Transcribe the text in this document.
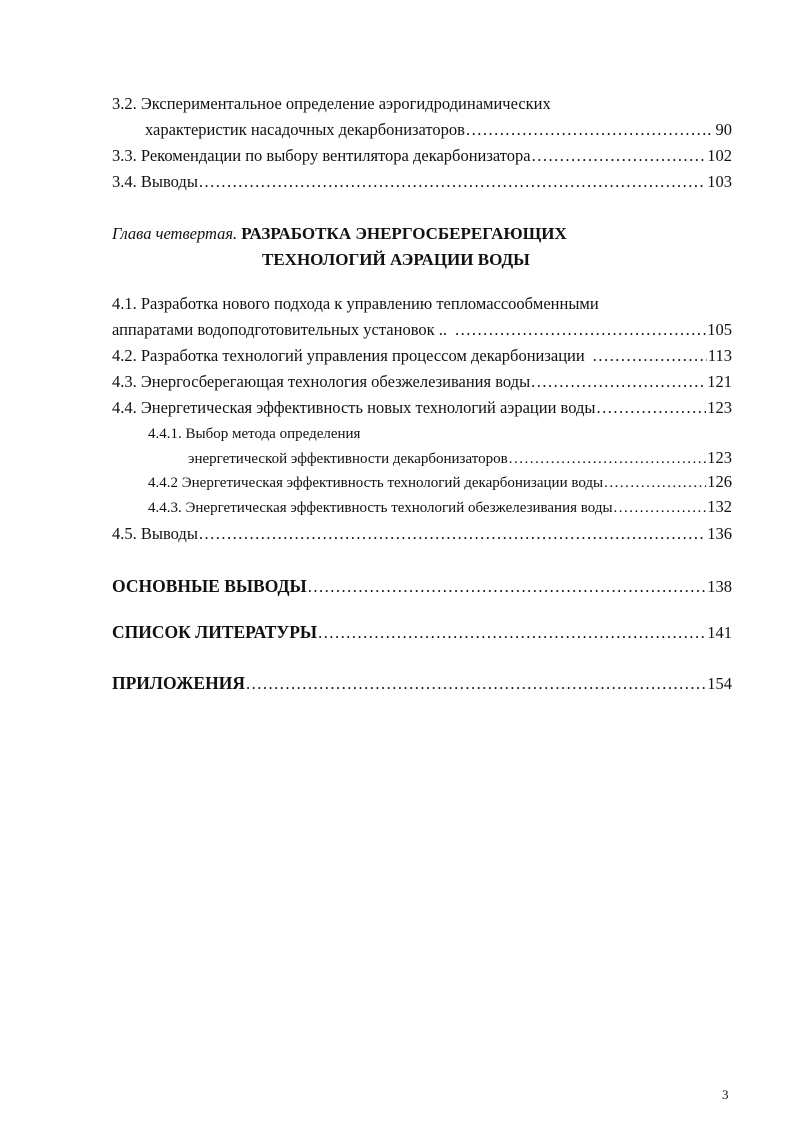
3.2. Экспериментальное определение аэрогидродинамических
характеристик насадочных декарбонизаторов .....	. 90
3.3. Рекомендации по выбору вентилятора декарбонизатора .....	102
3.4. Выводы .....	103
Глава четвертая. РАЗРАБОТКА ЭНЕРГОСБЕРЕГАЮЩИХ
ТЕХНОЛОГИЙ АЭРАЦИИ ВОДЫ
4.1. Разработка нового подхода к управлению тепломассообменными
аппаратами водоподготовительных установок .. .....	105
4.2. Разработка технологий управления процессом декарбонизации .....	113
4.3. Энергосберегающая технология обезжелезивания воды .....	121
4.4. Энергетическая эффективность новых технологий аэрации воды .....	123
4.4.1. Выбор метода определения
энергетической эффективности декарбонизаторов .....	123
4.4.2 Энергетическая эффективность технологий декарбонизации воды .....	126
4.4.3. Энергетическая эффективность технологий обезжелезивания воды .....	132
4.5. Выводы .....	136
ОСНОВНЫЕ ВЫВОДЫ .....	138
СПИСОК ЛИТЕРАТУРЫ .....	141
ПРИЛОЖЕНИЯ .....	154
3
